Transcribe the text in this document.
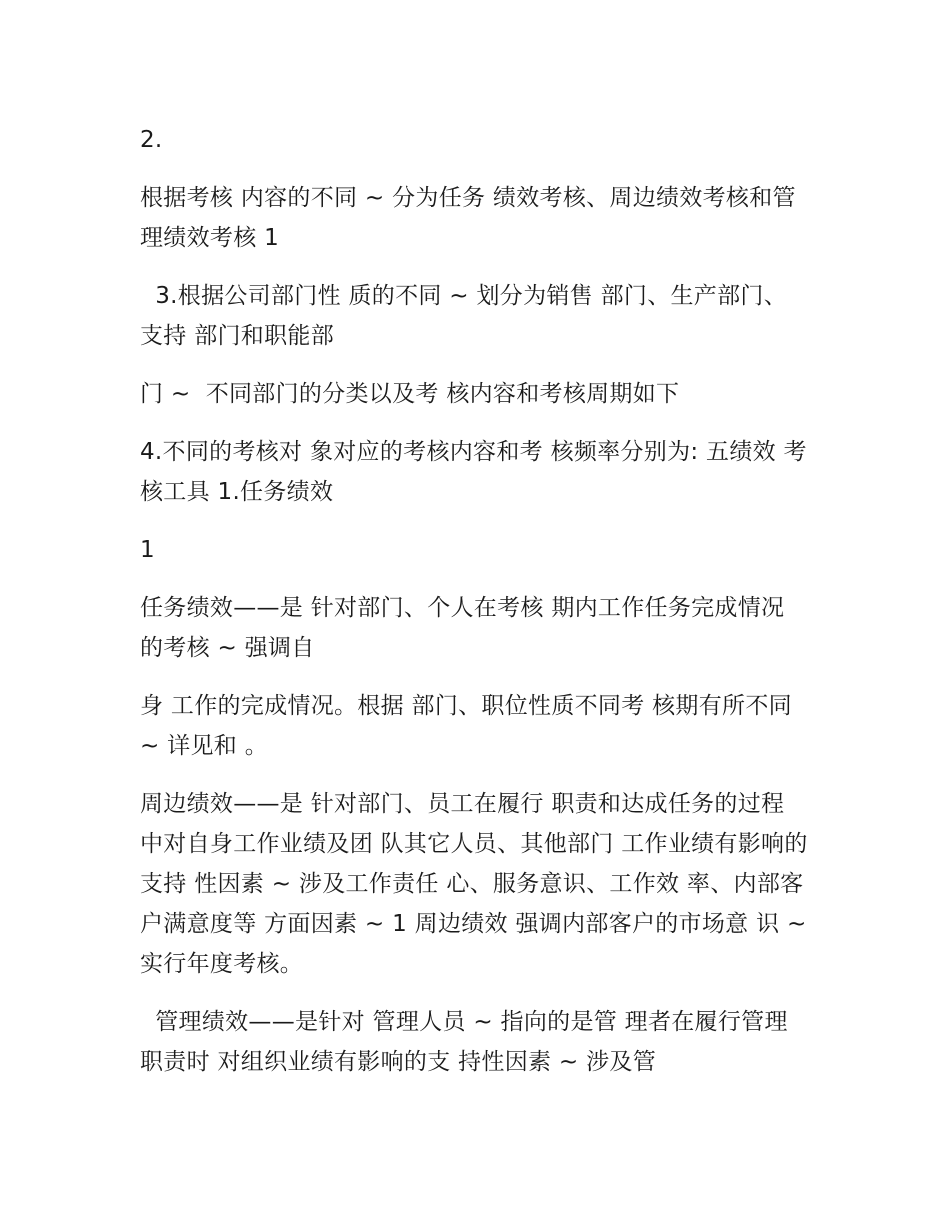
2.

根据考核 内容的不同 ~ 分为任务 绩效考核、周边绩效考核和管理绩效考核 1

3.根据公司部门性 质的不同 ~ 划分为销售 部门、生产部门、支持 部门和职能部

门 ~  不同部门的分类以及考 核内容和考核周期如下

4.不同的考核对 象对应的考核内容和考 核频率分别为: 五绩效 考核工具 1.任务绩效

1

任务绩效——是 针对部门、个人在考核 期内工作任务完成情况 的考核 ~ 强调自

身 工作的完成情况。根据 部门、职位性质不同考 核期有所不同 ~ 详见和 。

周边绩效——是 针对部门、员工在履行 职责和达成任务的过程 中对自身工作业绩及团 队其它人员、其他部门 工作业绩有影响的支持 性因素 ~ 涉及工作责任 心、服务意识、工作效 率、内部客户满意度等 方面因素 ~ 1 周边绩效 强调内部客户的市场意 识 ~ 实行年度考核。

管理绩效——是针对 管理人员 ~ 指向的是管 理者在履行管理职责时 对组织业绩有影响的支 持性因素 ~ 涉及管
